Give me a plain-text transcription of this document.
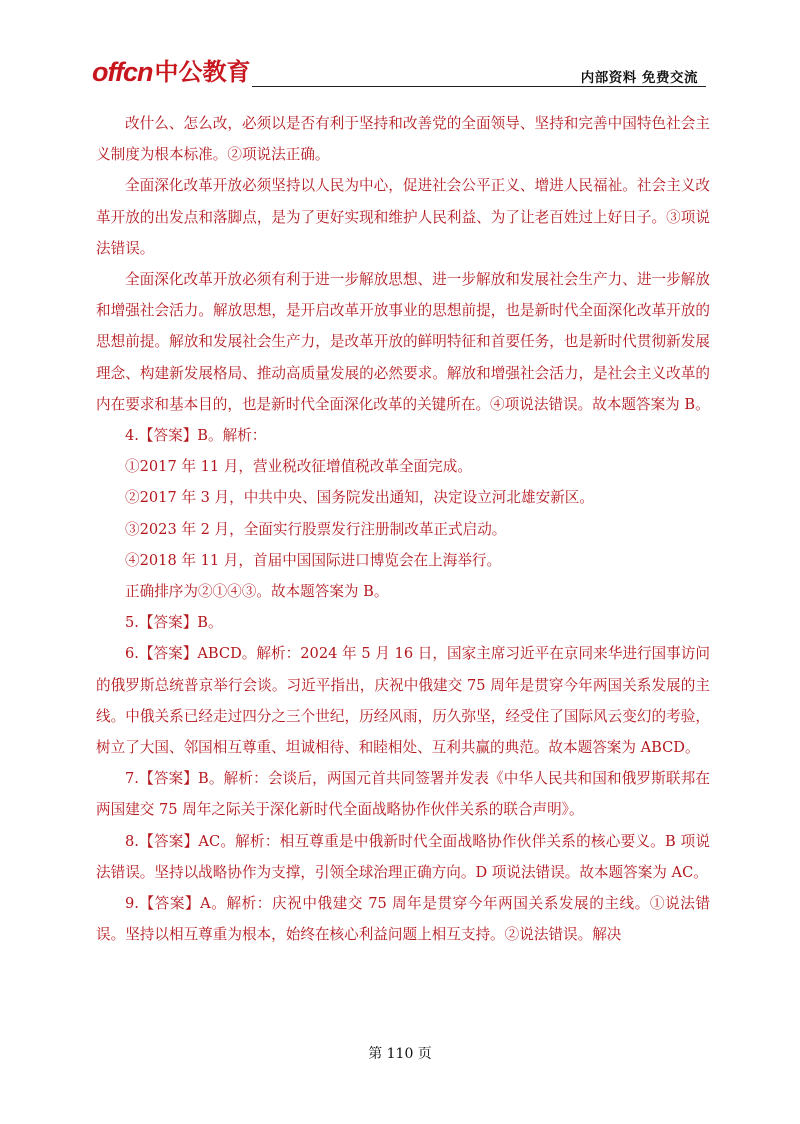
offcn 中公教育	内部资料 免费交流

改什么、怎么改，必须以是否有利于坚持和改善党的全面领导、坚持和完善中国特色社会主义制度为根本标准。②项说法正确。

全面深化改革开放必须坚持以人民为中心，促进社会公平正义、增进人民福祉。社会主义改革开放的出发点和落脚点，是为了更好实现和维护人民利益、为了让老百姓过上好日子。③项说法错误。

全面深化改革开放必须有利于进一步解放思想、进一步解放和发展社会生产力、进一步解放和增强社会活力。解放思想，是开启改革开放事业的思想前提，也是新时代全面深化改革开放的思想前提。解放和发展社会生产力，是改革开放的鲜明特征和首要任务，也是新时代贯彻新发展理念、构建新发展格局、推动高质量发展的必然要求。解放和增强社会活力，是社会主义改革的内在要求和基本目的，也是新时代全面深化改革的关键所在。④项说法错误。故本题答案为 B。

4.【答案】B。解析：

①2017 年 11 月，营业税改征增值税改革全面完成。

②2017 年 3 月，中共中央、国务院发出通知，决定设立河北雄安新区。

③2023 年 2 月，全面实行股票发行注册制改革正式启动。

④2018 年 11 月，首届中国国际进口博览会在上海举行。

正确排序为②①④③。故本题答案为 B。

5.【答案】B。

6.【答案】ABCD。解析：2024 年 5 月 16 日，国家主席习近平在京同来华进行国事访问的俄罗斯总统普京举行会谈。习近平指出，庆祝中俄建交 75 周年是贯穿今年两国关系发展的主线。中俄关系已经走过四分之三个世纪，历经风雨，历久弥坚，经受住了国际风云变幻的考验，树立了大国、邻国相互尊重、坦诚相待、和睦相处、互利共赢的典范。故本题答案为 ABCD。

7.【答案】B。解析：会谈后，两国元首共同签署并发表《中华人民共和国和俄罗斯联邦在两国建交 75 周年之际关于深化新时代全面战略协作伙伴关系的联合声明》。

8.【答案】AC。解析：相互尊重是中俄新时代全面战略协作伙伴关系的核心要义。B 项说法错误。坚持以战略协作为支撑，引领全球治理正确方向。D 项说法错误。故本题答案为 AC。

9.【答案】A。解析：庆祝中俄建交 75 周年是贯穿今年两国关系发展的主线。①说法错误。坚持以相互尊重为根本，始终在核心利益问题上相互支持。②说法错误。解决

第 110 页
